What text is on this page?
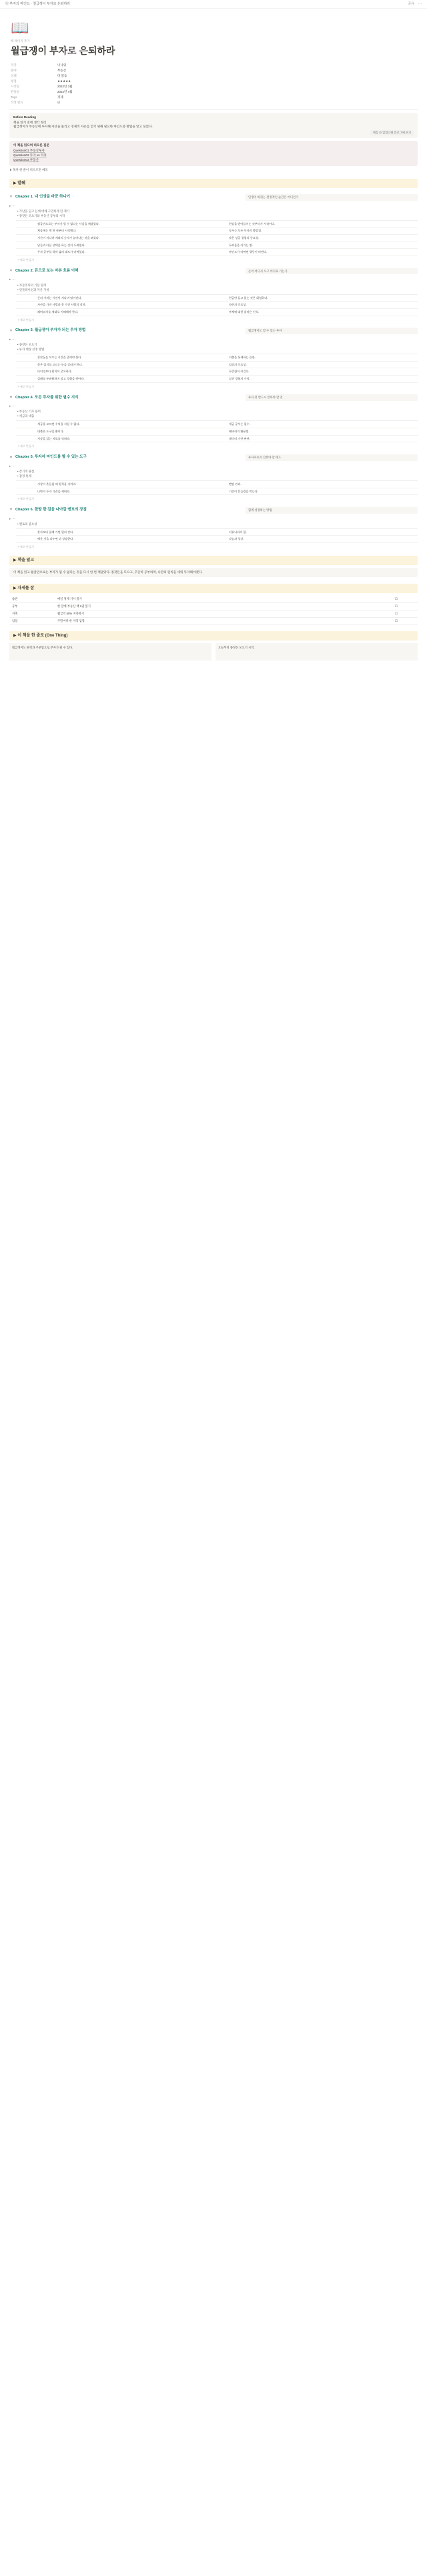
ⓑ 부자의 마인드 · 철급쟁이 부자로 은퇴하라	공유 ···
📖
책 페이지 추가
월급쟁이 부자로 은퇴하라
저자	너나위
분야	부동산
상태	다 읽음
평점	★★★★★
시작일	2022년 3월
완독일	2022년 4월
Tags	경제
작성 완료	☑
Before Reading
책을 읽기 전에 생각 정리
월급쟁이가 부동산에 투자해 자산을 불리고 경제적 자유를 얻기 위해 필요한 마인드와 방법을 알고 싶었다.
책을 다 읽었다면 블로그에 쓰기
이 책을 읽으며 떠오른 질문
Question01 부동산투자
Question02 투자 vs 저축
Question03 부동산
⬆ 목차 한 줄이 떠오르면 메모
▶ 발췌
▼ Chapter 1. 내 인생을 바꾼 하나기	인생이 바뀌는 결정적인 순간은 어디인가
▸ ···
• 가난을 딛고 돈에 대해 고민하게 된 계기
• 종잣돈 모으기와 부동산 공부의 시작
월급만으로는 부자가 될 수 없다는 사실을 깨달았다.	현실을 받아들이는 것부터가 시작이다.
처음에는 책 한 권부터 시작했다.	독서는 모든 투자의 출발점.
시간이 지나며 계좌의 숫자가 늘어나는 것을 보았다.	작은 성공 경험의 중요성.
남들과 다른 선택을 하는 것이 두려웠다.	두려움을 이기는 법.
투자 공부를 하며 삶의 태도가 바뀌었다.	마인드가 바뀌면 행동이 바뀐다.
+ 새로 만들기
▼ Chapter 2. 돈으로 보는 자본 흐름 이해	돈이 어디서 오고 어디로 가는가
▸ ···
• 자본주의의 기본 원리
• 인플레이션과 자산 가치
돈의 가치는 시간이 지나며 떨어진다.	현금만 들고 있는 것은 위험하다.
자산을 가진 사람과 못 가진 사람의 격차.	자산의 중요성.
레버리지를 제대로 이해해야 한다.	부채에 대한 올바른 인식.
+ 새로 만들기
▼ Chapter 3. 월급쟁이 부자가 되는 투자 방법	월급쟁이도 할 수 있는 투자
▸ ···
• 종잣돈 모으기
• 투자 대상 선정 방법
종잣돈을 모으는 시간을 줄여야 한다.	지출을 통제하는 습관.
좋은 입지를 고르는 눈을 길러야 한다.	임장의 중요성.
타이밍보다 원칙이 중요하다.	꾸준함이 이긴다.
실패를 두려워하지 말고 경험을 쌓아라.	실전 경험의 가치.
+ 새로 만들기
▼ Chapter 4. 모든 투자를 위한 필수 지식	투자 전 반드시 알아야 할 것
▸ ···
• 부동산 기초 용어
• 세금과 대출
세금을 모르면 수익을 지킬 수 없다.	세금 공부는 필수.
대출은 도구일 뿐이다.	레버리지 활용법.
시장을 읽는 지표를 익혀라.	데이터 기반 판단.
+ 새로 만들기
▼ Chapter 5. 투자자 마인드를 할 수 있는 도구	투자자로서 갖춰야 할 태도
▸ ···
• 장기적 관점
• 감정 통제
시장이 흔들릴 때 원칙을 지켜라.	멘탈 관리.
나만의 투자 기준을 세워라.	기준이 흔들림을 막는다.
+ 새로 만들기
▼ Chapter 6. 한발 한 걸음 나아갈 멘토의 장점	함께 성장하는 방법
▸ ···
• 멘토의 중요성
혼자보다 함께 가면 멀리 간다.	커뮤니티의 힘.
배운 것을 나누면 더 성장한다.	나눔과 성장.
+ 새로 만들기
▶ 책을 덮고
이 책을 읽고 월급만으로는 부자가 될 수 없다는 것을 다시 한 번 깨달았다. 종잣돈을 모으고, 꾸준히 공부하며, 나만의 원칙을 세워 투자해야겠다.
▶ 자세를 잡
습관	매일 경제 기사 읽기	☐
공부	한 달에 부동산 책 2권 읽기	☐
저축	월급의 50% 저축하기	☐
임장	주말마다 한 지역 임장	☐
▶ 이 책을 한 줄로 (One Thing)
월급쟁이도 원칙과 꾸준함으로 부자가 될 수 있다.	오늘부터 종잣돈 모으기 시작.
